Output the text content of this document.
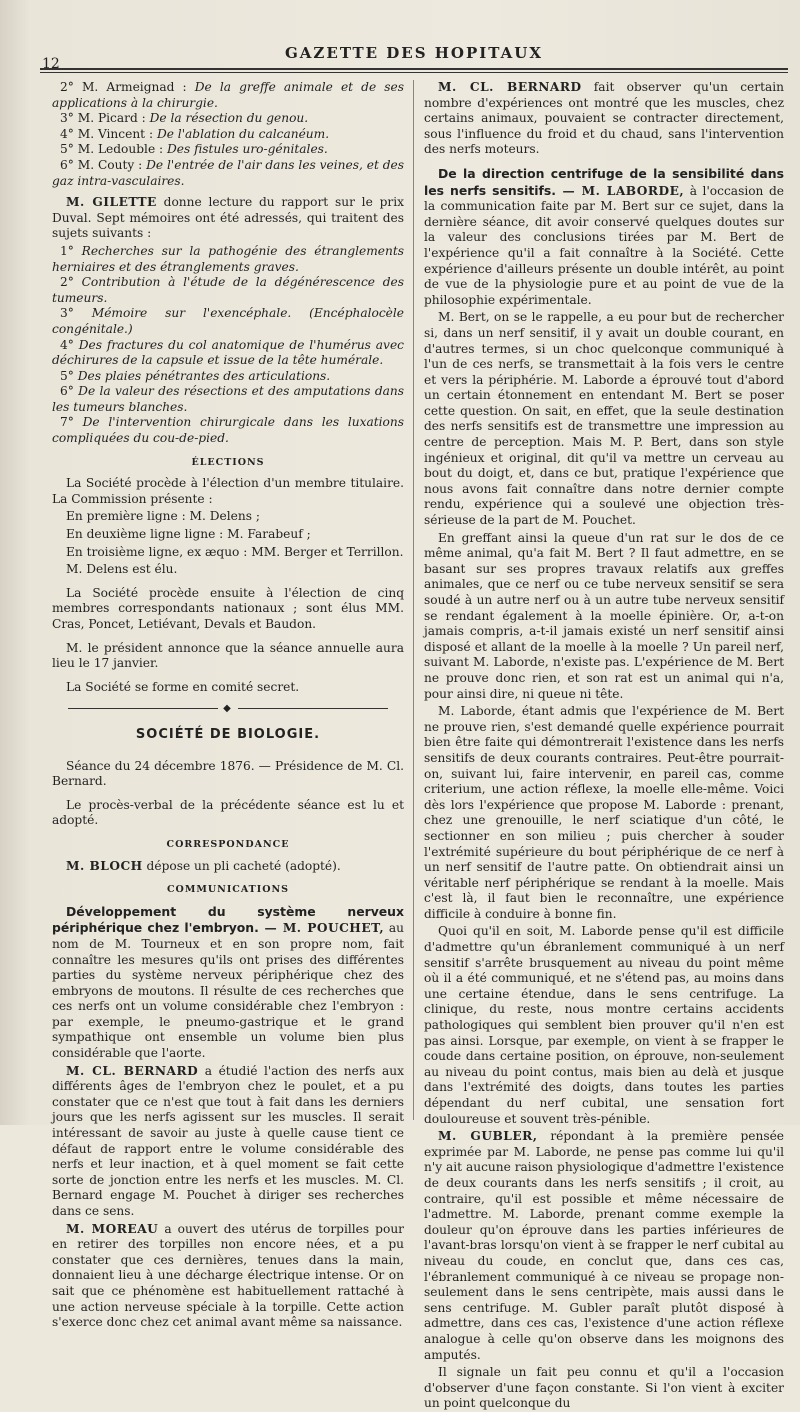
12
GAZETTE DES HOPITAUX

2° M. Armeignad : De la greffe animale et de ses applications à la chirurgie.

3° M. Picard : De la résection du genou.

4° M. Vincent : De l'ablation du calcanéum.

5° M. Ledouble : Des fistules uro-génitales.

6° M. Couty : De l'entrée de l'air dans les veines, et des gaz intra-vasculaires.

M. GILETTE donne lecture du rapport sur le prix Duval. Sept mémoires ont été adressés, qui traitent des sujets suivants :

1° Recherches sur la pathogénie des étranglements herniaires et des étranglements graves.

2° Contribution à l'étude de la dégénérescence des tumeurs.

3° Mémoire sur l'exencéphale. (Encéphalocèle congénitale.)

4° Des fractures du col anatomique de l'humérus avec déchirures de la capsule et issue de la tête humérale.

5° Des plaies pénétrantes des articulations.

6° De la valeur des résections et des amputations dans les tumeurs blanches.

7° De l'intervention chirurgicale dans les luxations compliquées du cou-de-pied.

ÉLECTIONS

La Société procède à l'élection d'un membre titulaire. La Commission présente :

En première ligne : M. Delens ;

En deuxième ligne ligne : M. Farabeuf ;

En troisième ligne, ex æquo : MM. Berger et Terrillon.

M. Delens est élu.

La Société procède ensuite à l'élection de cinq membres correspondants nationaux ; sont élus MM. Cras, Poncet, Letiévant, Devals et Baudon.

M. le président annonce que la séance annuelle aura lieu le 17 janvier.

La Société se forme en comité secret.

◆
SOCIÉTÉ DE BIOLOGIE.

Séance du 24 décembre 1876. — Présidence de M. Cl. Bernard.

Le procès-verbal de la précédente séance est lu et adopté.

CORRESPONDANCE

M. BLOCH dépose un pli cacheté (adopté).

COMMUNICATIONS

Développement du système nerveux périphérique chez l'embryon. — M. POUCHET, au nom de M. Tourneux et en son propre nom, fait connaître les mesures qu'ils ont prises des différentes parties du système nerveux périphérique chez des embryons de moutons. Il résulte de ces recherches que ces nerfs ont un volume considérable chez l'embryon : par exemple, le pneumo-gastrique et le grand sympathique ont ensemble un volume bien plus considérable que l'aorte.

M. CL. BERNARD a étudié l'action des nerfs aux différents âges de l'embryon chez le poulet, et a pu constater que ce n'est que tout à fait dans les derniers jours que les nerfs agissent sur les muscles. Il serait intéressant de savoir au juste à quelle cause tient ce défaut de rapport entre le volume considérable des nerfs et leur inaction, et à quel moment se fait cette sorte de jonction entre les nerfs et les muscles. M. Cl. Bernard engage M. Pouchet à diriger ses recherches dans ce sens.

M. MOREAU a ouvert des utérus de torpilles pour en retirer des torpilles non encore nées, et a pu constater que ces dernières, tenues dans la main, donnaient lieu à une décharge électrique intense. Or on sait que ce phénomène est habituellement rattaché à une action nerveuse spéciale à la torpille. Cette action s'exerce donc chez cet animal avant même sa naissance.

M. CL. BERNARD fait observer qu'un certain nombre d'expériences ont montré que les muscles, chez certains animaux, pouvaient se contracter directement, sous l'influence du froid et du chaud, sans l'intervention des nerfs moteurs.

De la direction centrifuge de la sensibilité dans les nerfs sensitifs. — M. LABORDE, à l'occasion de la communication faite par M. Bert sur ce sujet, dans la dernière séance, dit avoir conservé quelques doutes sur la valeur des conclusions tirées par M. Bert de l'expérience qu'il a fait connaître à la Société. Cette expérience d'ailleurs présente un double intérêt, au point de vue de la physiologie pure et au point de vue de la philosophie expérimentale.

M. Bert, on se le rappelle, a eu pour but de rechercher si, dans un nerf sensitif, il y avait un double courant, en d'autres termes, si un choc quelconque communiqué à l'un de ces nerfs, se transmettait à la fois vers le centre et vers la périphérie. M. Laborde a éprouvé tout d'abord un certain étonnement en entendant M. Bert se poser cette question. On sait, en effet, que la seule destination des nerfs sensitifs est de transmettre une impression au centre de perception. Mais M. P. Bert, dans son style ingénieux et original, dit qu'il va mettre un cerveau au bout du doigt, et, dans ce but, pratique l'expérience que nous avons fait connaître dans notre dernier compte rendu, expérience qui a soulevé une objection très-sérieuse de la part de M. Pouchet.

En greffant ainsi la queue d'un rat sur le dos de ce même animal, qu'a fait M. Bert ? Il faut admettre, en se basant sur ses propres travaux relatifs aux greffes animales, que ce nerf ou ce tube nerveux sensitif se sera soudé à un autre nerf ou à un autre tube nerveux sensitif se rendant également à la moelle épinière. Or, a-t-on jamais compris, a-t-il jamais existé un nerf sensitif ainsi disposé et allant de la moelle à la moelle ? Un pareil nerf, suivant M. Laborde, n'existe pas. L'expérience de M. Bert ne prouve donc rien, et son rat est un animal qui n'a, pour ainsi dire, ni queue ni tête.

M. Laborde, étant admis que l'expérience de M. Bert ne prouve rien, s'est demandé quelle expérience pourrait bien être faite qui démontrerait l'existence dans les nerfs sensitifs de deux courants contraires. Peut-être pourrait-on, suivant lui, faire intervenir, en pareil cas, comme criterium, une action réflexe, la moelle elle-même. Voici dès lors l'expérience que propose M. Laborde : prenant, chez une grenouille, le nerf sciatique d'un côté, le sectionner en son milieu ; puis chercher à souder l'extrémité supérieure du bout périphérique de ce nerf à un nerf sensitif de l'autre patte. On obtiendrait ainsi un véritable nerf périphérique se rendant à la moelle. Mais c'est là, il faut bien le reconnaître, une expérience difficile à conduire à bonne fin.

Quoi qu'il en soit, M. Laborde pense qu'il est difficile d'admettre qu'un ébranlement communiqué à un nerf sensitif s'arrête brusquement au niveau du point même où il a été communiqué, et ne s'étend pas, au moins dans une certaine étendue, dans le sens centrifuge. La clinique, du reste, nous montre certains accidents pathologiques qui semblent bien prouver qu'il n'en est pas ainsi. Lorsque, par exemple, on vient à se frapper le coude dans certaine position, on éprouve, non-seulement au niveau du point contus, mais bien au delà et jusque dans l'extrémité des doigts, dans toutes les parties dépendant du nerf cubital, une sensation fort douloureuse et souvent très-pénible.

M. GUBLER, répondant à la première pensée exprimée par M. Laborde, ne pense pas comme lui qu'il n'y ait aucune raison physiologique d'admettre l'existence de deux courants dans les nerfs sensitifs ; il croit, au contraire, qu'il est possible et même nécessaire de l'admettre. M. Laborde, prenant comme exemple la douleur qu'on éprouve dans les parties inférieures de l'avant-bras lorsqu'on vient à se frapper le nerf cubital au niveau du coude, en conclut que, dans ces cas, l'ébranlement communiqué à ce niveau se propage non-seulement dans le sens centripète, mais aussi dans le sens centrifuge. M. Gubler paraît plutôt disposé à admettre, dans ces cas, l'existence d'une action réflexe analogue à celle qu'on observe dans les moignons des amputés.

Il signale un fait peu connu et qu'il a l'occasion d'observer d'une façon constante. Si l'on vient à exciter un point quelconque du
